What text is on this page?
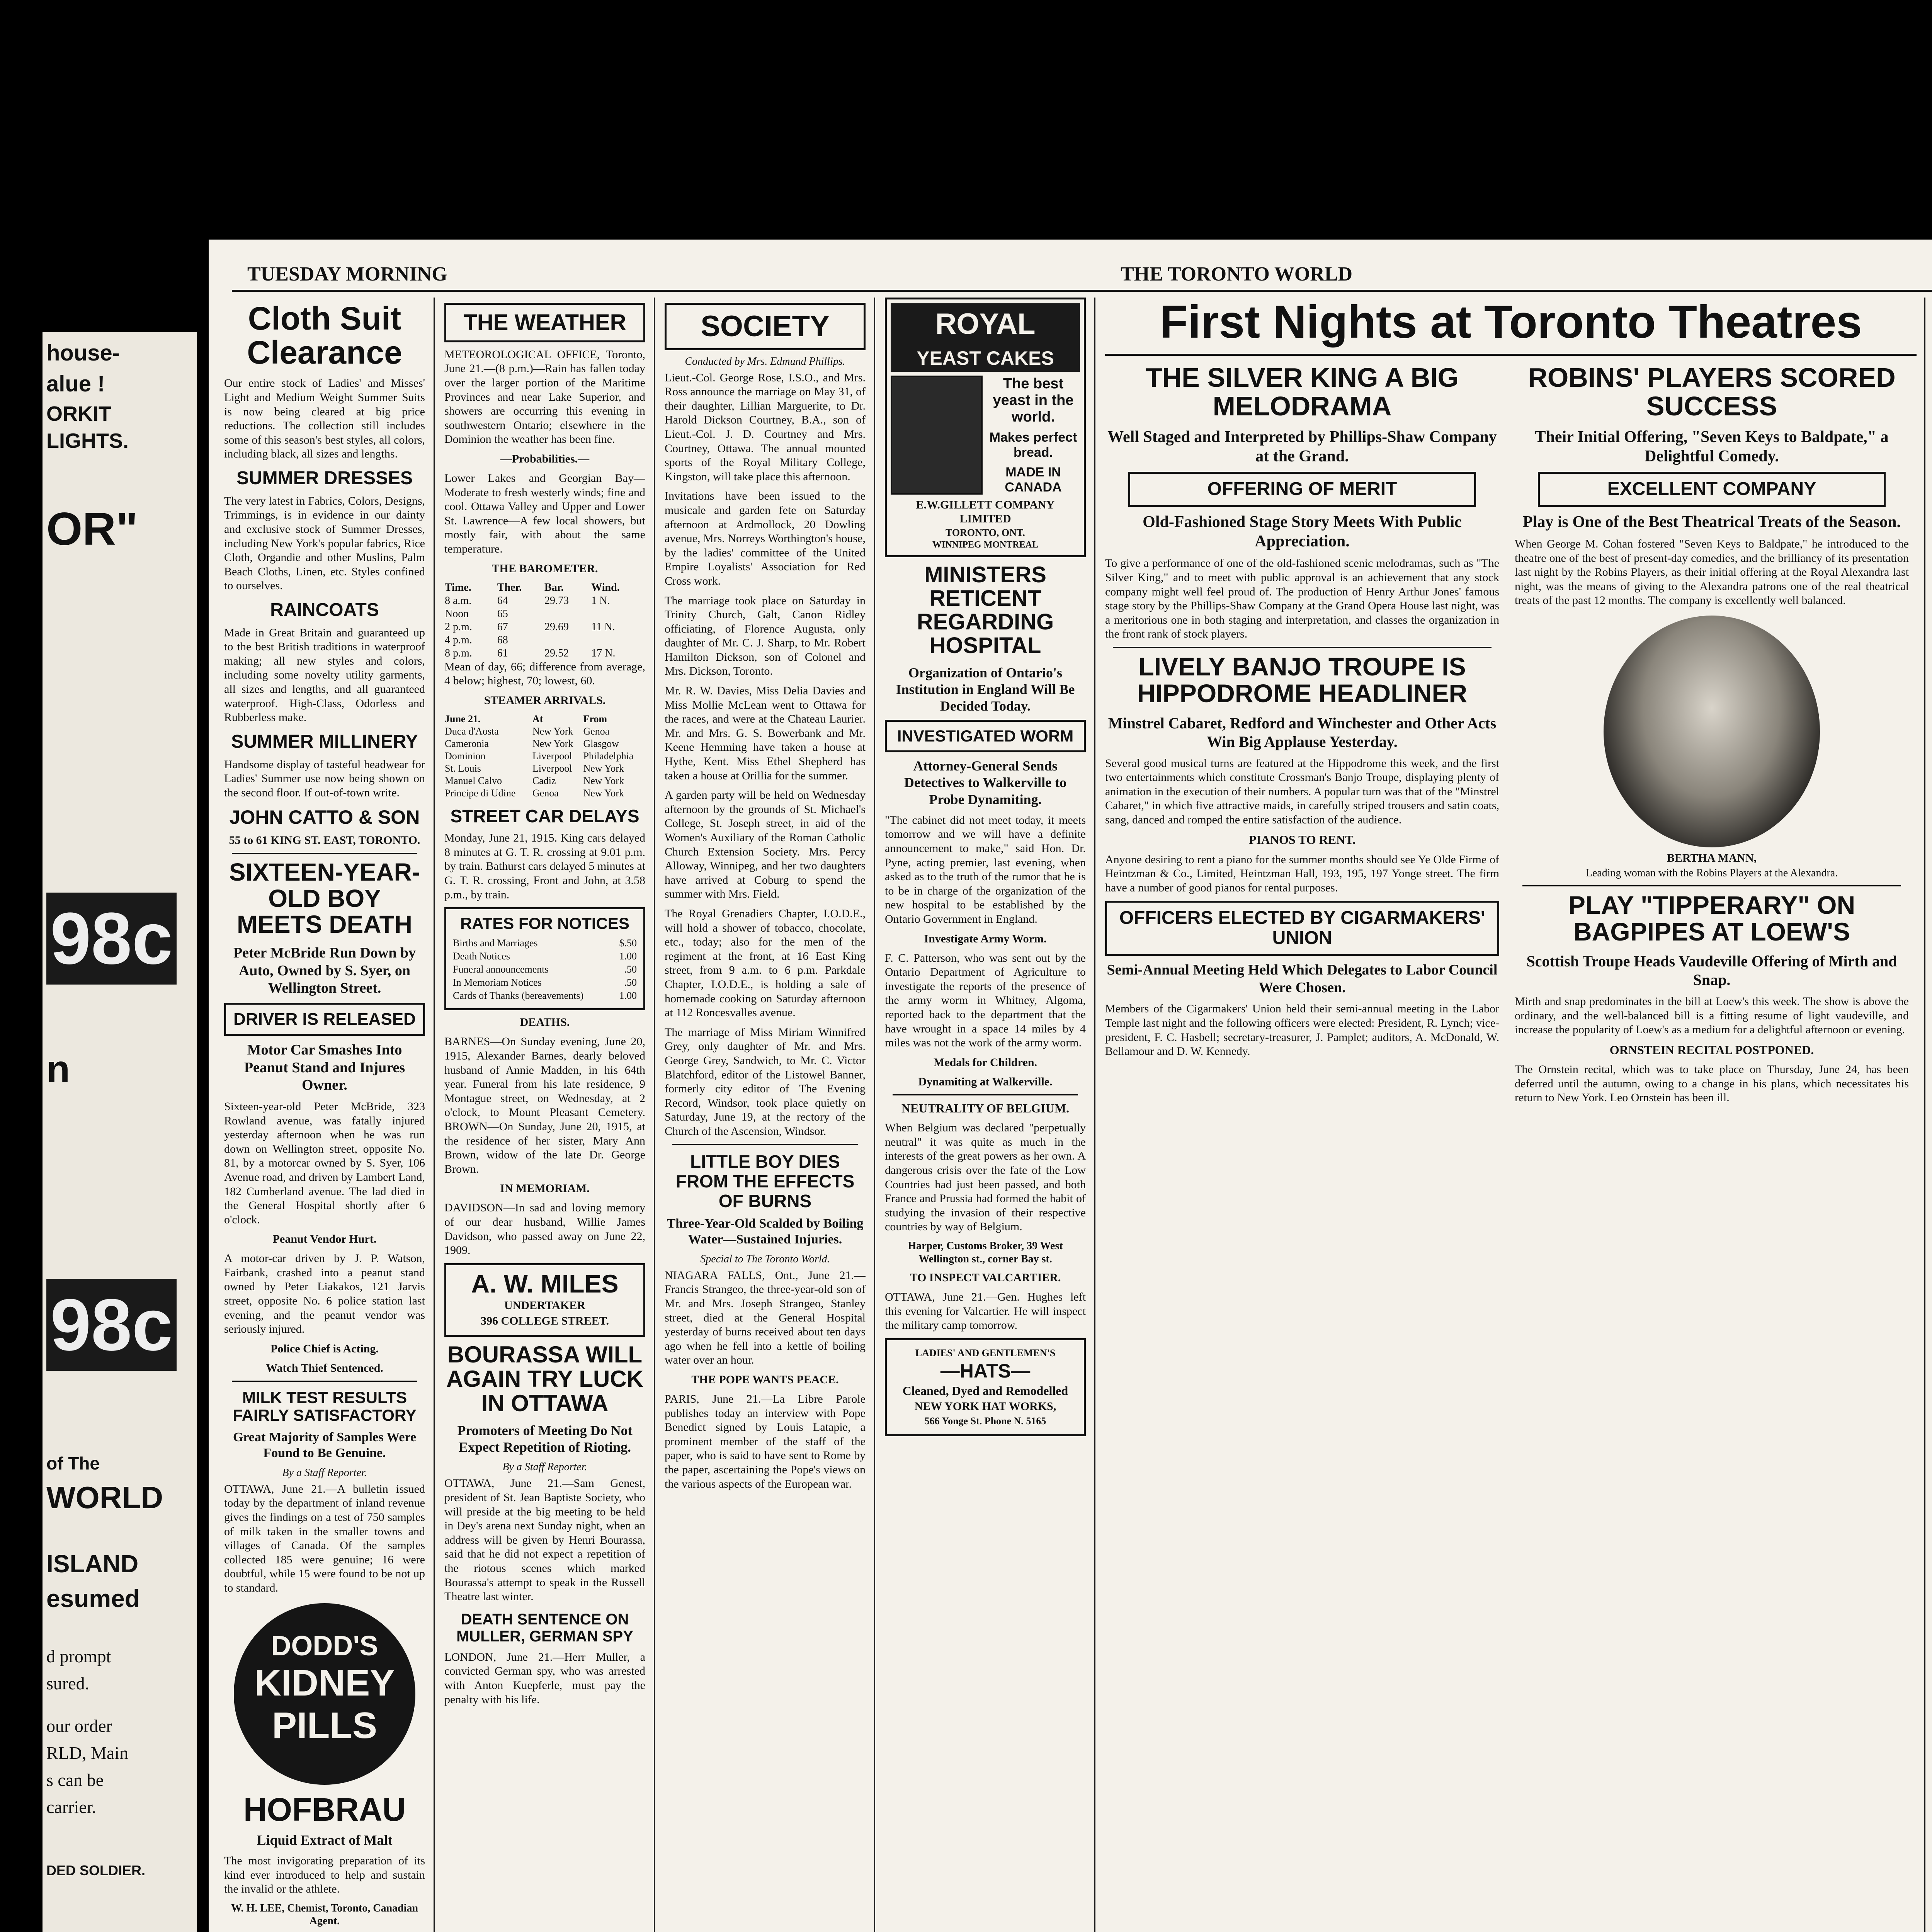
house-
alue !
ORKIT
LIGHTS.
OR"
98c
n
98c
of The
WORLD
ISLAND
esumed
d prompt
sured.
our order
RLD, Main
s can be
carrier.
DED SOLDIER.
TUESDAY MORNING	THE TORONTO WORLD
Cloth Suit Clearance

Our entire stock of Ladies' and Misses' Light and Medium Weight Summer Suits is now being cleared at big price reductions. The collection still includes some of this season's best styles, all colors, including black, all sizes and lengths.

SUMMER DRESSES

The very latest in Fabrics, Colors, Designs, Trimmings, is in evidence in our dainty and exclusive stock of Summer Dresses, including New York's popular fabrics, Rice Cloth, Organdie and other Muslins, Palm Beach Cloths, Linen, etc. Styles confined to ourselves.

RAINCOATS

Made in Great Britain and guaranteed up to the best British traditions in waterproof making; all new styles and colors, including some novelty utility garments, all sizes and lengths, and all guaranteed waterproof. High-Class, Odorless and Rubberless make.

SUMMER MILLINERY

Handsome display of tasteful headwear for Ladies' Summer use now being shown on the second floor. If out-of-town write.

JOHN CATTO & SON
55 to 61 KING ST. EAST, TORONTO.
SIXTEEN-YEAR-OLD BOY MEETS DEATH
Peter McBride Run Down by Auto, Owned by S. Syer, on Wellington Street.
DRIVER IS RELEASED
Motor Car Smashes Into Peanut Stand and Injures Owner.

Sixteen-year-old Peter McBride, 323 Rowland avenue, was fatally injured yesterday afternoon when he was run down on Wellington street, opposite No. 81, by a motorcar owned by S. Syer, 106 Avenue road, and driven by Lambert Land, 182 Cumberland avenue. The lad died in the General Hospital shortly after 6 o'clock.

Peanut Vendor Hurt.

A motor-car driven by J. P. Watson, Fairbank, crashed into a peanut stand owned by Peter Liakakos, 121 Jarvis street, opposite No. 6 police station last evening, and the peanut vendor was seriously injured.

Police Chief is Acting.
Watch Thief Sentenced.
MILK TEST RESULTS FAIRLY SATISFACTORY
Great Majority of Samples Were Found to Be Genuine.
By a Staff Reporter.

OTTAWA, June 21.—A bulletin issued today by the department of inland revenue gives the findings on a test of 750 samples of milk taken in the smaller towns and villages of Canada. Of the samples collected 185 were genuine; 16 were doubtful, while 15 were found to be not up to standard.

DODD'S
KIDNEY
PILLS
HOFBRAU
Liquid Extract of Malt

The most invigorating preparation of its kind ever introduced to help and sustain the invalid or the athlete.

W. H. LEE, Chemist, Toronto, Canadian Agent.
THE WEATHER

METEOROLOGICAL OFFICE, Toronto, June 21.—(8 p.m.)—Rain has fallen today over the larger portion of the Maritime Provinces and near Lake Superior, and showers are occurring this evening in southwestern Ontario; elsewhere in the Dominion the weather has been fine.

—Probabilities.—

Lower Lakes and Georgian Bay—Moderate to fresh westerly winds; fine and cool. Ottawa Valley and Upper and Lower St. Lawrence—A few local showers, but mostly fair, with about the same temperature.

THE BAROMETER.
Time.	Ther.	Bar.	Wind.
8 a.m.	64	29.73	1 N.
Noon	65		
2 p.m.	67	29.69	11 N.
4 p.m.	68		
8 p.m.	61	29.52	17 N.

Mean of day, 66; difference from average, 4 below; highest, 70; lowest, 60.

STEAMER ARRIVALS.
June 21.	At	From
Duca d'Aosta	New York	Genoa
Cameronia	New York	Glasgow
Dominion	Liverpool	Philadelphia
St. Louis	Liverpool	New York
Manuel Calvo	Cadiz	New York
Principe di Udine	Genoa	New York
STREET CAR DELAYS

Monday, June 21, 1915. King cars delayed 8 minutes at G. T. R. crossing at 9.01 p.m. by train. Bathurst cars delayed 5 minutes at G. T. R. crossing, Front and John, at 3.58 p.m., by train.

RATES FOR NOTICES
Births and Marriages	$.50
Death Notices	1.00
Funeral announcements	.50
In Memoriam Notices	.50
Cards of Thanks (bereavements)	1.00
DEATHS.

BARNES—On Sunday evening, June 20, 1915, Alexander Barnes, dearly beloved husband of Annie Madden, in his 64th year. Funeral from his late residence, 9 Montague street, on Wednesday, at 2 o'clock, to Mount Pleasant Cemetery. BROWN—On Sunday, June 20, 1915, at the residence of her sister, Mary Ann Brown, widow of the late Dr. George Brown.

IN MEMORIAM.

DAVIDSON—In sad and loving memory of our dear husband, Willie James Davidson, who passed away on June 22, 1909.

A. W. MILES
UNDERTAKER
396 COLLEGE STREET.
BOURASSA WILL AGAIN TRY LUCK IN OTTAWA
Promoters of Meeting Do Not Expect Repetition of Rioting.
By a Staff Reporter.

OTTAWA, June 21.—Sam Genest, president of St. Jean Baptiste Society, who will preside at the big meeting to be held in Dey's arena next Sunday night, when an address will be given by Henri Bourassa, said that he did not expect a repetition of the riotous scenes which marked Bourassa's attempt to speak in the Russell Theatre last winter.

DEATH SENTENCE ON MULLER, GERMAN SPY

LONDON, June 21.—Herr Muller, a convicted German spy, who was arrested with Anton Kuepferle, must pay the penalty with his life.

SOCIETY
Conducted by Mrs. Edmund Phillips.

Lieut.-Col. George Rose, I.S.O., and Mrs. Ross announce the marriage on May 31, of their daughter, Lillian Marguerite, to Dr. Harold Dickson Courtney, B.A., son of Lieut.-Col. J. D. Courtney and Mrs. Courtney, Ottawa. The annual mounted sports of the Royal Military College, Kingston, will take place this afternoon.

Invitations have been issued to the musicale and garden fete on Saturday afternoon at Ardmollock, 20 Dowling avenue, Mrs. Norreys Worthington's house, by the ladies' committee of the United Empire Loyalists' Association for Red Cross work.

The marriage took place on Saturday in Trinity Church, Galt, Canon Ridley officiating, of Florence Augusta, only daughter of Mr. C. J. Sharp, to Mr. Robert Hamilton Dickson, son of Colonel and Mrs. Dickson, Toronto.

Mr. R. W. Davies, Miss Delia Davies and Miss Mollie McLean went to Ottawa for the races, and were at the Chateau Laurier. Mr. and Mrs. G. S. Bowerbank and Mr. Keene Hemming have taken a house at Hythe, Kent. Miss Ethel Shepherd has taken a house at Orillia for the summer.

A garden party will be held on Wednesday afternoon by the grounds of St. Michael's College, St. Joseph street, in aid of the Women's Auxiliary of the Roman Catholic Church Extension Society. Mrs. Percy Alloway, Winnipeg, and her two daughters have arrived at Coburg to spend the summer with Mrs. Field.

The Royal Grenadiers Chapter, I.O.D.E., will hold a shower of tobacco, chocolate, etc., today; also for the men of the regiment at the front, at 16 East King street, from 9 a.m. to 6 p.m. Parkdale Chapter, I.O.D.E., is holding a sale of homemade cooking on Saturday afternoon at 112 Roncesvalles avenue.

The marriage of Miss Miriam Winnifred Grey, only daughter of Mr. and Mrs. George Grey, Sandwich, to Mr. C. Victor Blatchford, editor of the Listowel Banner, formerly city editor of The Evening Record, Windsor, took place quietly on Saturday, June 19, at the rectory of the Church of the Ascension, Windsor.

LITTLE BOY DIES FROM THE EFFECTS OF BURNS
Three-Year-Old Scalded by Boiling Water—Sustained Injuries.
Special to The Toronto World.

NIAGARA FALLS, Ont., June 21.—Francis Strangeo, the three-year-old son of Mr. and Mrs. Joseph Strangeo, Stanley street, died at the General Hospital yesterday of burns received about ten days ago when he fell into a kettle of boiling water over an hour.

THE POPE WANTS PEACE.

PARIS, June 21.—La Libre Parole publishes today an interview with Pope Benedict signed by Louis Latapie, a prominent member of the staff of the paper, who is said to have sent to Rome by the paper, ascertaining the Pope's views on the various aspects of the European war.

ROYAL
YEAST CAKES
The best yeast in the world.
Makes perfect bread.
MADE IN CANADA
E.W.GILLETT COMPANY LIMITED
TORONTO, ONT.
WINNIPEG MONTREAL
MINISTERS RETICENT REGARDING HOSPITAL
Organization of Ontario's Institution in England Will Be Decided Today.
INVESTIGATED WORM
Attorney-General Sends Detectives to Walkerville to Probe Dynamiting.

"The cabinet did not meet today, it meets tomorrow and we will have a definite announcement to make," said Hon. Dr. Pyne, acting premier, last evening, when asked as to the truth of the rumor that he is to be in charge of the organization of the new hospital to be established by the Ontario Government in England.

Investigate Army Worm.

F. C. Patterson, who was sent out by the Ontario Department of Agriculture to investigate the reports of the presence of the army worm in Whitney, Algoma, reported back to the department that the have wrought in a space 14 miles by 4 miles was not the work of the army worm.

Medals for Children.
Dynamiting at Walkerville.
NEUTRALITY OF BELGIUM.

When Belgium was declared "perpetually neutral" it was quite as much in the interests of the great powers as her own. A dangerous crisis over the fate of the Low Countries had just been passed, and both France and Prussia had formed the habit of studying the invasion of their respective countries by way of Belgium.

Harper, Customs Broker, 39 West Wellington st., corner Bay st.
TO INSPECT VALCARTIER.

OTTAWA, June 21.—Gen. Hughes left this evening for Valcartier. He will inspect the military camp tomorrow.

LADIES' AND GENTLEMEN'S
—HATS—
Cleaned, Dyed and Remodelled
NEW YORK HAT WORKS,
566 Yonge St. Phone N. 5165
First Nights at Toronto Theatres
THE SILVER KING A BIG MELODRAMA
Well Staged and Interpreted by Phillips-Shaw Company at the Grand.
OFFERING OF MERIT
Old-Fashioned Stage Story Meets With Public Appreciation.

To give a performance of one of the old-fashioned scenic melodramas, such as "The Silver King," and to meet with public approval is an achievement that any stock company might well feel proud of. The production of Henry Arthur Jones' famous stage story by the Phillips-Shaw Company at the Grand Opera House last night, was a meritorious one in both staging and interpretation, and classes the organization in the front rank of stock players.

LIVELY BANJO TROUPE IS HIPPODROME HEADLINER
Minstrel Cabaret, Redford and Winchester and Other Acts Win Big Applause Yesterday.

Several good musical turns are featured at the Hippodrome this week, and the first two entertainments which constitute Crossman's Banjo Troupe, displaying plenty of animation in the execution of their numbers. A popular turn was that of the "Minstrel Cabaret," in which five attractive maids, in carefully striped trousers and satin coats, sang, danced and romped the entire satisfaction of the audience.

PIANOS TO RENT.

Anyone desiring to rent a piano for the summer months should see Ye Olde Firme of Heintzman & Co., Limited, Heintzman Hall, 193, 195, 197 Yonge street. The firm have a number of good pianos for rental purposes.

OFFICERS ELECTED BY CIGARMAKERS' UNION
Semi-Annual Meeting Held Which Delegates to Labor Council Were Chosen.

Members of the Cigarmakers' Union held their semi-annual meeting in the Labor Temple last night and the following officers were elected: President, R. Lynch; vice-president, F. C. Hasbell; secretary-treasurer, J. Pamplet; auditors, A. McDonald, W. Bellamour and D. W. Kennedy.

ROBINS' PLAYERS SCORED SUCCESS
Their Initial Offering, "Seven Keys to Baldpate," a Delightful Comedy.
EXCELLENT COMPANY
Play is One of the Best Theatrical Treats of the Season.

When George M. Cohan fostered "Seven Keys to Baldpate," he introduced to the theatre one of the best of present-day comedies, and the brilliancy of its presentation last night by the Robins Players, as their initial offering at the Royal Alexandra last night, was the means of giving to the Alexandra patrons one of the real theatrical treats of the past 12 months. The company is excellently well balanced.

BERTHA MANN,
Leading woman with the Robins Players at the Alexandra.
PLAY "TIPPERARY" ON BAGPIPES AT LOEW'S
Scottish Troupe Heads Vaudeville Offering of Mirth and Snap.

Mirth and snap predominates in the bill at Loew's this week. The show is above the ordinary, and the well-balanced bill is a fitting resume of light vaudeville, and increase the popularity of Loew's as a medium for a delightful afternoon or evening.

ORNSTEIN RECITAL POSTPONED.

The Ornstein recital, which was to take place on Thursday, June 24, has been deferred until the autumn, owing to a change in his plans, which necessitates his return to New York. Leo Ornstein has been ill.
